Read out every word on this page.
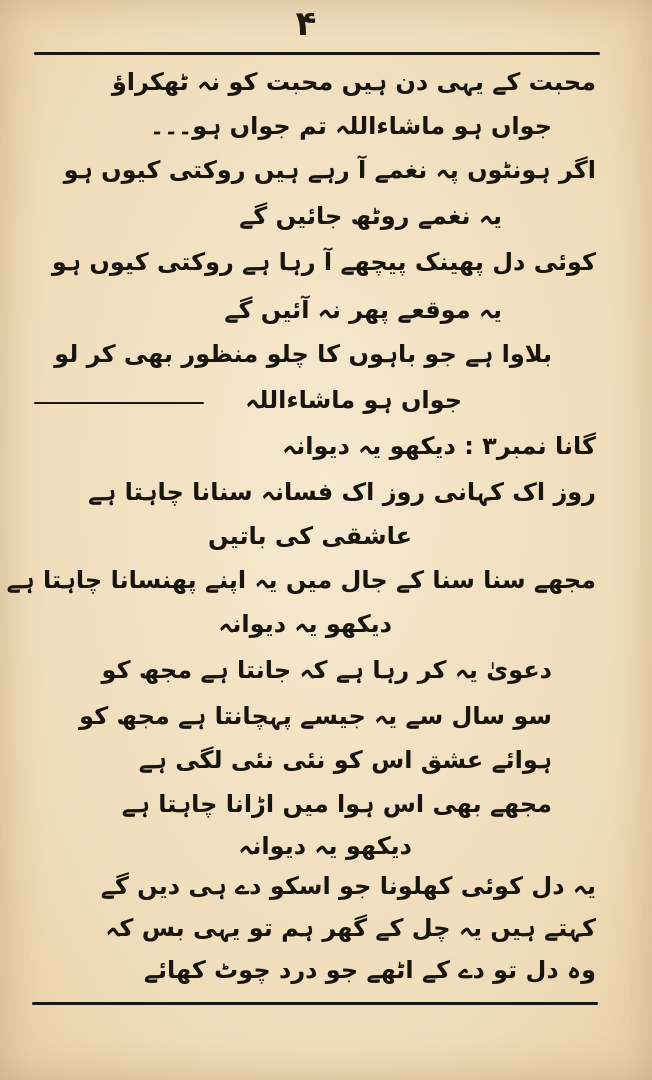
۴
محبت کے یہی دن ہیں محبت کو نہ ٹھکراؤ
جواں ہو ماشاءاللہ تم جواں ہو۔۔۔
اگر ہونٹوں پہ نغمے آ رہے ہیں روکتی کیوں ہو
یہ نغمے روٹھ جائیں گے
کوئی دل پھینک پیچھے آ رہا ہے روکتی کیوں ہو
یہ موقعے پھر نہ آئیں گے
بلاوا ہے جو باہوں کا چلو منظور بھی کر لو
جواں ہو ماشاءاللہ
گانا نمبر۳ : دیکھو یہ دیوانہ
روز اک کہانی روز اک فسانہ سنانا چاہتا ہے
عاشقی کی باتیں
مجھے سنا سنا کے جال میں یہ اپنے پھنسانا چاہتا ہے
دیکھو یہ دیوانہ
دعویٰ یہ کر رہا ہے کہ جانتا ہے مجھ کو
سو سال سے یہ جیسے پہچانتا ہے مجھ کو
ہوائے عشق اس کو نئی نئی لگی ہے
مجھے بھی اس ہوا میں اڑانا چاہتا ہے
دیکھو یہ دیوانہ
یہ دل کوئی کھلونا جو اسکو دے ہی دیں گے
کہتے ہیں یہ چل کے گھر ہم تو یہی بس کہ
وہ دل تو دے کے اٹھے جو درد چوٹ کھائے
